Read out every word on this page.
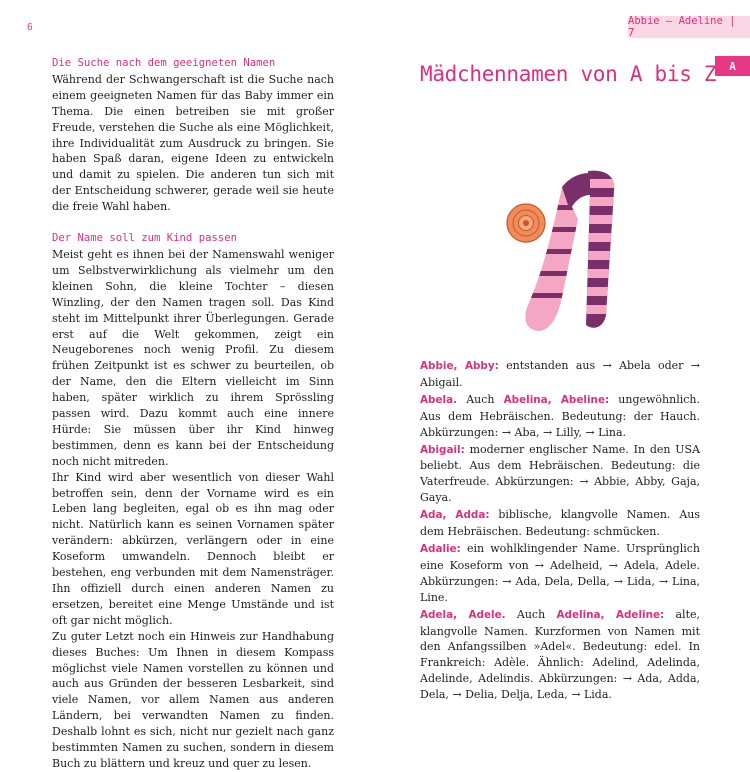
6
Abbie – Adeline | 7
A
Die Suche nach dem geeigneten Namen

Während der Schwangerschaft ist die Suche nach einem geeigneten Namen für das Baby immer ein Thema. Die einen betreiben sie mit großer Freude, verstehen die Suche als eine Möglichkeit, ihre Individualität zum Ausdruck zu bringen. Sie haben Spaß daran, eigene Ideen zu entwickeln und damit zu spielen. Die anderen tun sich mit der Entscheidung schwerer, gerade weil sie heute die freie Wahl haben.

Der Name soll zum Kind passen

Meist geht es ihnen bei der Namenswahl weniger um Selbstverwirklichung als vielmehr um den kleinen Sohn, die kleine Tochter – diesen Winzling, der den Namen tragen soll. Das Kind steht im Mittelpunkt ihrer Überlegungen. Gerade erst auf die Welt gekommen, zeigt ein Neugeborenes noch wenig Profil. Zu diesem frühen Zeitpunkt ist es schwer zu beurteilen, ob der Name, den die Eltern vielleicht im Sinn haben, später wirklich zu ihrem Sprössling passen wird. Dazu kommt auch eine innere Hürde: Sie müssen über ihr Kind hinweg bestimmen, denn es kann bei der Entscheidung noch nicht mitreden.

Ihr Kind wird aber wesentlich von dieser Wahl betroffen sein, denn der Vorname wird es ein Leben lang begleiten, egal ob es ihn mag oder nicht. Natürlich kann es seinen Vornamen später verändern: abkürzen, verlängern oder in eine Koseform umwandeln. Dennoch bleibt er bestehen, eng verbunden mit dem Namensträger. Ihn offiziell durch einen anderen Namen zu ersetzen, bereitet eine Menge Umstände und ist oft gar nicht möglich.

Zu guter Letzt noch ein Hinweis zur Handhabung dieses Buches: Um Ihnen in diesem Kompass möglichst viele Namen vorstellen zu können und auch aus Gründen der besseren Lesbarkeit, sind viele Namen, vor allem Namen aus anderen Ländern, bei verwandten Namen zu finden. Deshalb lohnt es sich, nicht nur gezielt nach ganz bestimmten Namen zu suchen, sondern in diesem Buch zu blättern und kreuz und quer zu lesen.

Mädchennamen von A bis Z

Abbie, Abby: entstanden aus → Abela oder → Abigail.

Abela. Auch Abelina, Abeline: ungewöhnlich. Aus dem Hebräischen. Bedeutung: der Hauch. Abkürzungen: → Aba, → Lilly, → Lina.

Abigail: moderner englischer Name. In den USA beliebt. Aus dem Hebräischen. Bedeutung: die Vaterfreude. Abkürzungen: → Abbie, Abby, Gaja, Gaya.

Ada, Adda: biblische, klangvolle Namen. Aus dem Hebräischen. Bedeutung: schmücken.

Adalie: ein wohlklingender Name. Ursprünglich eine Koseform von → Adelheid, → Adela, Adele. Abkürzungen: → Ada, Dela, Della, → Lida, → Lina, Line.

Adela, Adele. Auch Adelina, Adeline: alte, klangvolle Namen. Kurzformen von Namen mit den Anfangssilben »Adel«. Bedeutung: edel. In Frankreich: Adèle. Ähnlich: Adelind, Adelinda, Adelinde, Adelindis. Abkürzungen: → Ada, Adda, Dela, → Delia, Delja, Leda, → Lida.
